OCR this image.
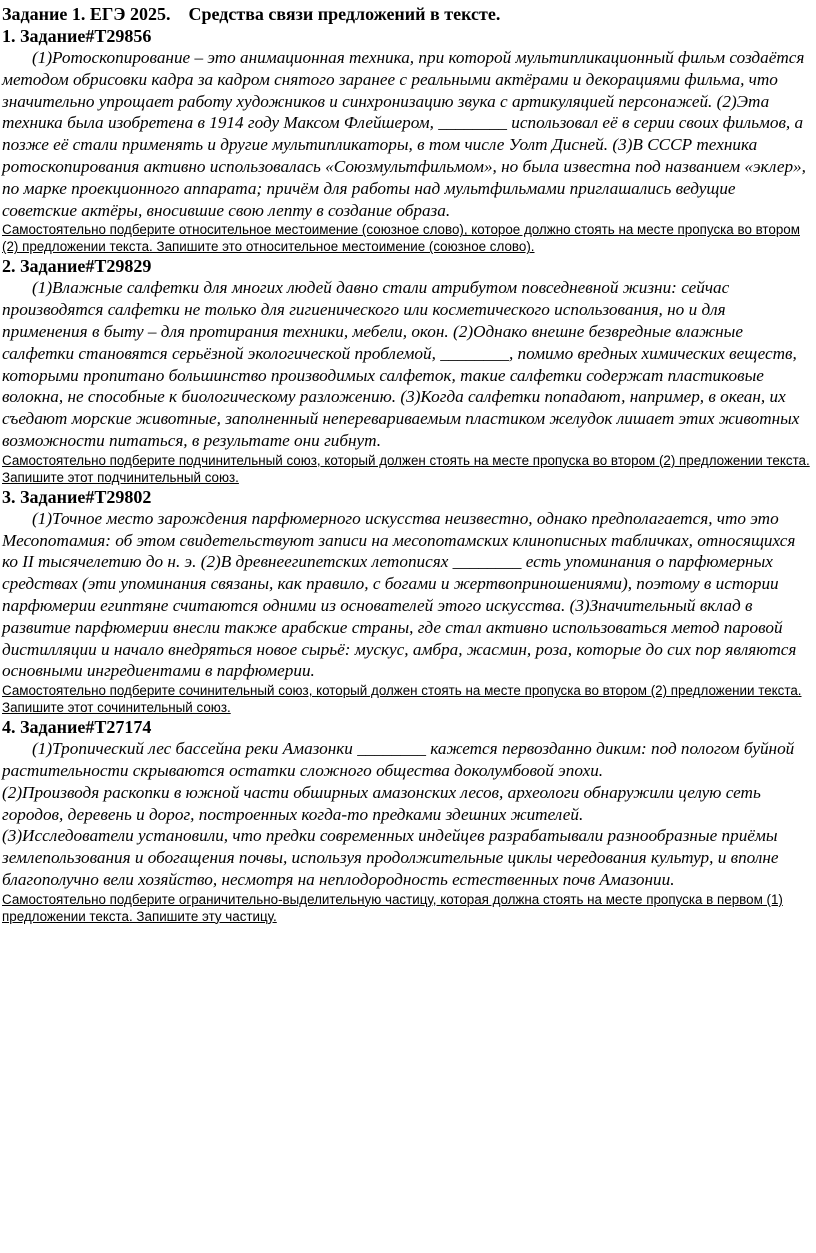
Задание 1. ЕГЭ 2025.    Средства связи предложений в тексте.

1. Задание#T29856

(1)Ротоскопирование – это анимационная техника, при которой мультипликационный фильм создаётся методом обрисовки кадра за кадром снятого заранее с реальными актёрами и декорациями фильма, что значительно упрощает работу художников и синхронизацию звука с артикуляцией персонажей. (2)Эта техника была изобретена в 1914 году Максом Флейшером, ________ использовал её в серии своих фильмов, а позже её стали применять и другие мультипликаторы, в том числе Уолт Дисней. (3)В СССР техника ротоскопирования активно использовалась «Союзмультфильмом», но была известна под названием «эклер», по марке проекционного аппарата; причём для работы над мультфильмами приглашались ведущие советские актёры, вносившие свою лепту в создание образа.

Самостоятельно подберите относительное местоимение (союзное слово), которое должно стоять на месте пропуска во втором (2) предложении текста. Запишите это относительное местоимение (союзное слово).

2. Задание#T29829

(1)Влажные салфетки для многих людей давно стали атрибутом повседневной жизни: сейчас производятся салфетки не только для гигиенического или косметического использования, но и для применения в быту – для протирания техники, мебели, окон. (2)Однако внешне безвредные влажные салфетки становятся серьёзной экологической проблемой, ________, помимо вредных химических веществ, которыми пропитано большинство производимых салфеток, такие салфетки содержат пластиковые волокна, не способные к биологическому разложению. (3)Когда салфетки попадают, например, в океан, их съедают морские животные, заполненный неперевариваемым пластиком желудок лишает этих животных возможности питаться, в результате они гибнут.

Самостоятельно подберите подчинительный союз, который должен стоять на месте пропуска во втором (2) предложении текста. Запишите этот подчинительный союз.

3. Задание#T29802

(1)Точное место зарождения парфюмерного искусства неизвестно, однако предполагается, что это Месопотамия: об этом свидетельствуют записи на месопотамских клинописных табличках, относящихся ко II тысячелетию до н. э. (2)В древнеегипетских летописях ________ есть упоминания о парфюмерных средствах (эти упоминания связаны, как правило, с богами и жертвоприношениями), поэтому в истории парфюмерии египтяне считаются одними из основателей этого искусства. (3)Значительный вклад в развитие парфюмерии внесли также арабские страны, где стал активно использоваться метод паровой дистилляции и начало внедряться новое сырьё: мускус, амбра, жасмин, роза, которые до сих пор являются основными ингредиентами в парфюмерии.

Самостоятельно подберите сочинительный союз, который должен стоять на месте пропуска во втором (2) предложении текста. Запишите этот сочинительный союз.

4. Задание#T27174

(1)Тропический лес бассейна реки Амазонки ________ кажется первозданно диким: под пологом буйной растительности скрываются остатки сложного общества доколумбовой эпохи.
(2)Производя раскопки в южной части обширных амазонских лесов, археологи обнаружили целую сеть городов, деревень и дорог, построенных когда-то предками здешних жителей.
(3)Исследователи установили, что предки современных индейцев разрабатывали разнообразные приёмы землепользования и обогащения почвы, используя продолжительные циклы чередования культур, и вполне благополучно вели хозяйство, несмотря на неплодородность естественных почв Амазонии.

Самостоятельно подберите ограничительно-выделительную частицу, которая должна стоять на месте пропуска в первом (1) предложении текста. Запишите эту частицу.
